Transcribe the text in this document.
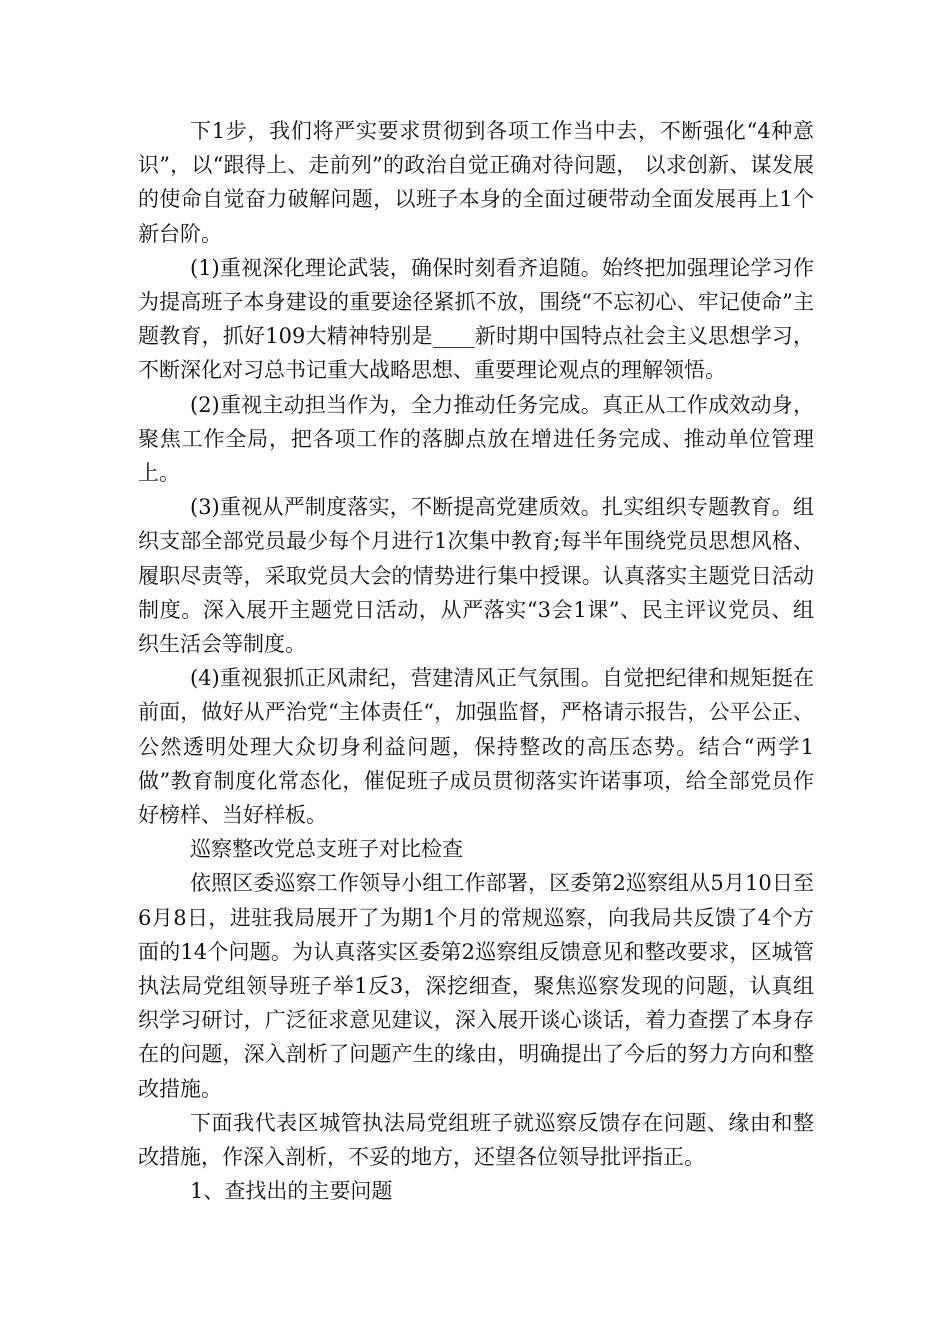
下1步，我们将严实要求贯彻到各项工作当中去，不断强化“4种意识”，以“跟得上、走前列”的政治自觉正确对待问题， 以求创新、谋发展的使命自觉奋力破解问题，以班子本身的全面过硬带动全面发展再上1个新台阶。

(1)重视深化理论武装，确保时刻看齐追随。始终把加强理论学习作为提高班子本身建设的重要途径紧抓不放，围绕“不忘初心、牢记使命”主题教育，抓好109大精神特别是____新时期中国特点社会主义思想学习，不断深化对习总书记重大战略思想、重要理论观点的理解领悟。

(2)重视主动担当作为，全力推动任务完成。真正从工作成效动身，聚焦工作全局，把各项工作的落脚点放在增进任务完成、推动单位管理上。

(3)重视从严制度落实，不断提高党建质效。扎实组织专题教育。组织支部全部党员最少每个月进行1次集中教育;每半年围绕党员思想风格、履职尽责等，采取党员大会的情势进行集中授课。认真落实主题党日活动制度。深入展开主题党日活动，从严落实“3会1课”、民主评议党员、组织生活会等制度。

(4)重视狠抓正风肃纪，营建清风正气氛围。自觉把纪律和规矩挺在前面，做好从严治党“主体责任“，加强监督，严格请示报告，公平公正、公然透明处理大众切身利益问题，保持整改的高压态势。结合“两学1做”教育制度化常态化，催促班子成员贯彻落实许诺事项，给全部党员作好榜样、当好样板。

巡察整改党总支班子对比检查

依照区委巡察工作领导小组工作部署，区委第2巡察组从5月10日至6月8日，进驻我局展开了为期1个月的常规巡察，向我局共反馈了4个方面的14个问题。为认真落实区委第2巡察组反馈意见和整改要求，区城管执法局党组领导班子举1反3，深挖细查，聚焦巡察发现的问题，认真组织学习研讨，广泛征求意见建议，深入展开谈心谈话，着力查摆了本身存在的问题，深入剖析了问题产生的缘由，明确提出了今后的努力方向和整改措施。

下面我代表区城管执法局党组班子就巡察反馈存在问题、缘由和整改措施，作深入剖析，不妥的地方，还望各位领导批评指正。

1、查找出的主要问题
